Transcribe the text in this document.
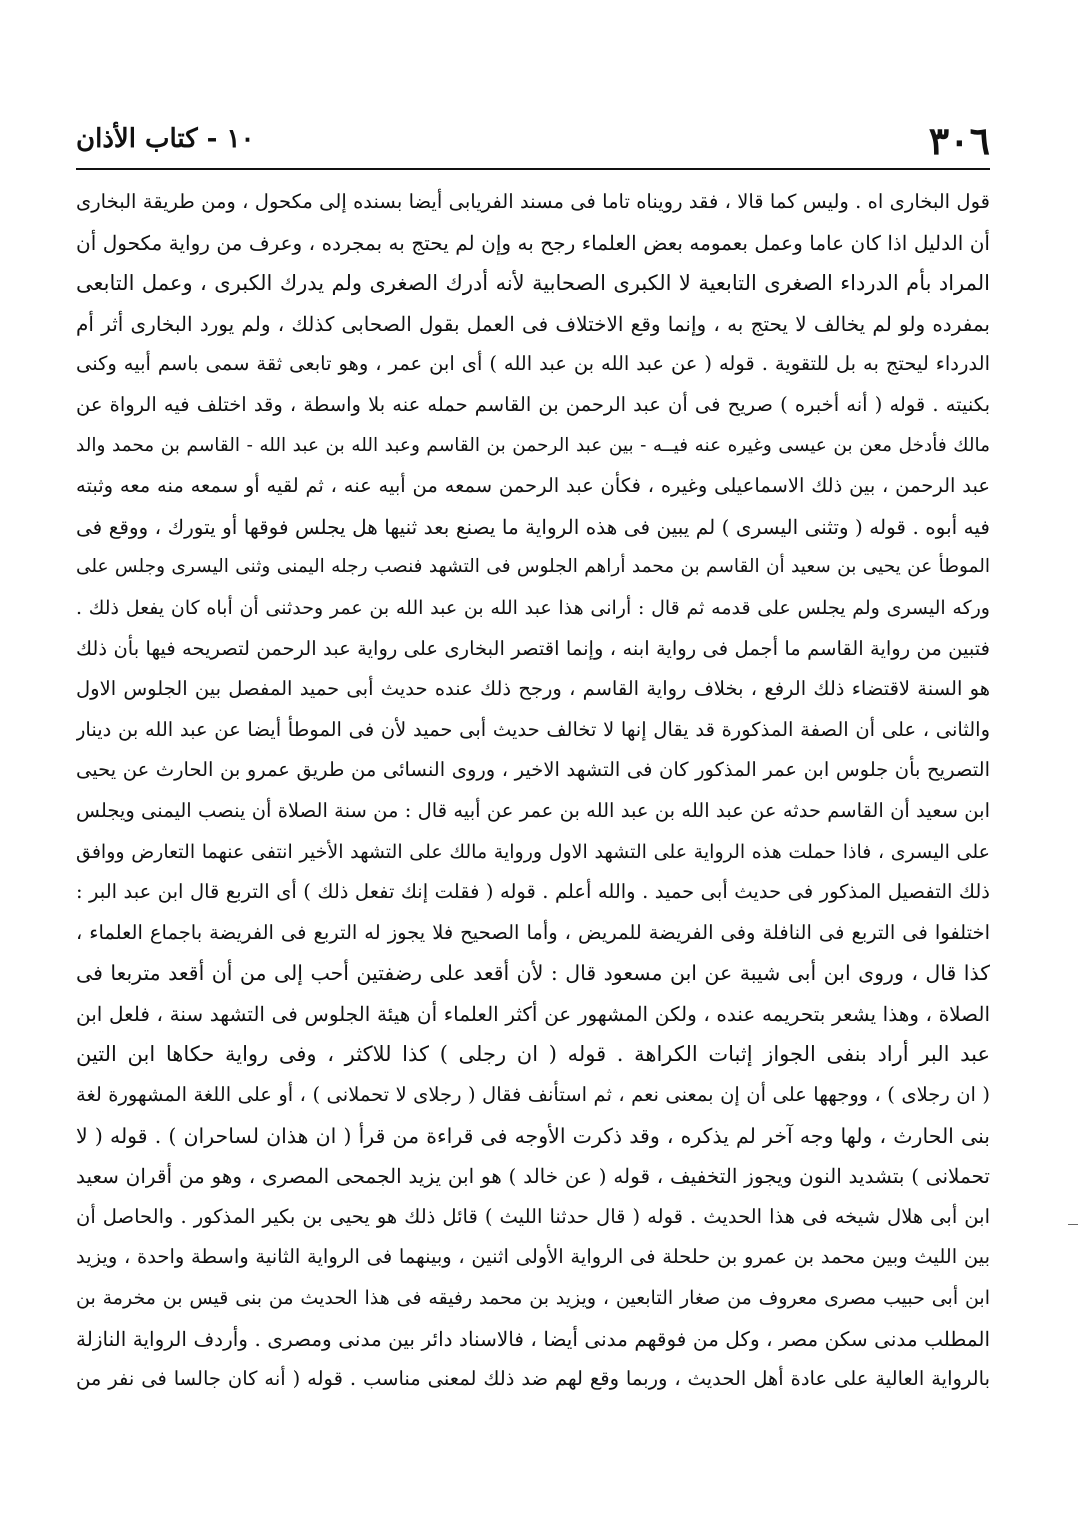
٣٠٦
١٠ - كتاب الأذان
قول البخارى اه . وليس كما قالا ، فقد رويناه تاما فى مسند الفريابى أيضا بسنده إلى مكحول ، ومن طريقة البخارى
أن الدليل اذا كان عاما وعمل بعمومه بعض العلماء رجح به وإن لم يحتج به بمجرده ، وعرف من رواية مكحول أن
المراد بأم الدرداء الصغرى التابعية لا الكبرى الصحابية لأنه أدرك الصغرى ولم يدرك الكبرى ، وعمل التابعى
بمفرده ولو لم يخالف لا يحتج به ، وإنما وقع الاختلاف فى العمل بقول الصحابى كذلك ، ولم يورد البخارى أثر أم
الدرداء ليحتج به بل للتقوية . قوله ( عن عبد الله بن عبد الله ) أى ابن عمر ، وهو تابعى ثقة سمى باسم أبيه وكنى
بكنيته . قوله ( أنه أخبره ) صريح فى أن عبد الرحمن بن القاسم حمله عنه بلا واسطة ، وقد اختلف فيه الرواة عن
مالك فأدخل معن بن عيسى وغيره عنه فيــه - بين عبد الرحمن بن القاسم وعبد الله بن عبد الله - القاسم بن محمد والد
عبد الرحمن ، بين ذلك الاسماعيلى وغيره ، فكأن عبد الرحمن سمعه من أبيه عنه ، ثم لقيه أو سمعه منه معه وثبته
فيه أبوه . قوله ( وتثنى اليسرى ) لم يبين فى هذه الرواية ما يصنع بعد ثنيها هل يجلس فوقها أو يتورك ، ووقع فى
الموطأ عن يحيى بن سعيد أن القاسم بن محمد أراهم الجلوس فى التشهد فنصب رجله اليمنى وثنى اليسرى وجلس على
وركه اليسرى ولم يجلس على قدمه ثم قال : أرانى هذا عبد الله بن عبد الله بن عمر وحدثنى أن أباه كان يفعل ذلك .
فتبين من رواية القاسم ما أجمل فى رواية ابنه ، وإنما اقتصر البخارى على رواية عبد الرحمن لتصريحه فيها بأن ذلك
هو السنة لاقتضاء ذلك الرفع ، بخلاف رواية القاسم ، ورجح ذلك عنده حديث أبى حميد المفصل بين الجلوس الاول
والثانى ، على أن الصفة المذكورة قد يقال إنها لا تخالف حديث أبى حميد لأن فى الموطأ أيضا عن عبد الله بن دينار
التصريح بأن جلوس ابن عمر المذكور كان فى التشهد الاخير ، وروى النسائى من طريق عمرو بن الحارث عن يحيى
ابن سعيد أن القاسم حدثه عن عبد الله بن عبد الله بن عمر عن أبيه قال : من سنة الصلاة أن ينصب اليمنى ويجلس
على اليسرى ، فاذا حملت هذه الرواية على التشهد الاول ورواية مالك على التشهد الأخير انتفى عنهما التعارض ووافق
ذلك التفصيل المذكور فى حديث أبى حميد . والله أعلم . قوله ( فقلت إنك تفعل ذلك ) أى التربع قال ابن عبد البر :
اختلفوا فى التربع فى النافلة وفى الفريضة للمريض ، وأما الصحيح فلا يجوز له التربع فى الفريضة باجماع العلماء ،
كذا قال ، وروى ابن أبى شيبة عن ابن مسعود قال : لأن أقعد على رضفتين أحب إلى من أن أقعد متربعا فى
الصلاة ، وهذا يشعر بتحريمه عنده ، ولكن المشهور عن أكثر العلماء أن هيئة الجلوس فى التشهد سنة ، فلعل ابن
عبد البر أراد بنفى الجواز إثبات الكراهة . قوله ( ان رجلى ) كذا للاكثر ، وفى رواية حكاها ابن التين
( ان رجلاى ) ، ووجهها على أن إن بمعنى نعم ، ثم استأنف فقال ( رجلاى لا تحملانى ) ، أو على اللغة المشهورة لغة
بنى الحارث ، ولها وجه آخر لم يذكره ، وقد ذكرت الأوجه فى قراءة من قرأ ( ان هذان لساحران ) . قوله ( لا
تحملانى ) بتشديد النون ويجوز التخفيف ، قوله ( عن خالد ) هو ابن يزيد الجمحى المصرى ، وهو من أقران سعيد
ابن أبى هلال شيخه فى هذا الحديث . قوله ( قال حدثنا الليث ) قائل ذلك هو يحيى بن بكير المذكور . والحاصل أن
بين الليث وبين محمد بن عمرو بن حلحلة فى الرواية الأولى اثنين ، وبينهما فى الرواية الثانية واسطة واحدة ، ويزيد
ابن أبى حبيب مصرى معروف من صغار التابعين ، ويزيد بن محمد رفيقه فى هذا الحديث من بنى قيس بن مخرمة بن
المطلب مدنى سكن مصر ، وكل من فوقهم مدنى أيضا ، فالاسناد دائر بين مدنى ومصرى . وأردف الرواية النازلة
بالرواية العالية على عادة أهل الحديث ، وربما وقع لهم ضد ذلك لمعنى مناسب . قوله ( أنه كان جالسا فى نفر من
